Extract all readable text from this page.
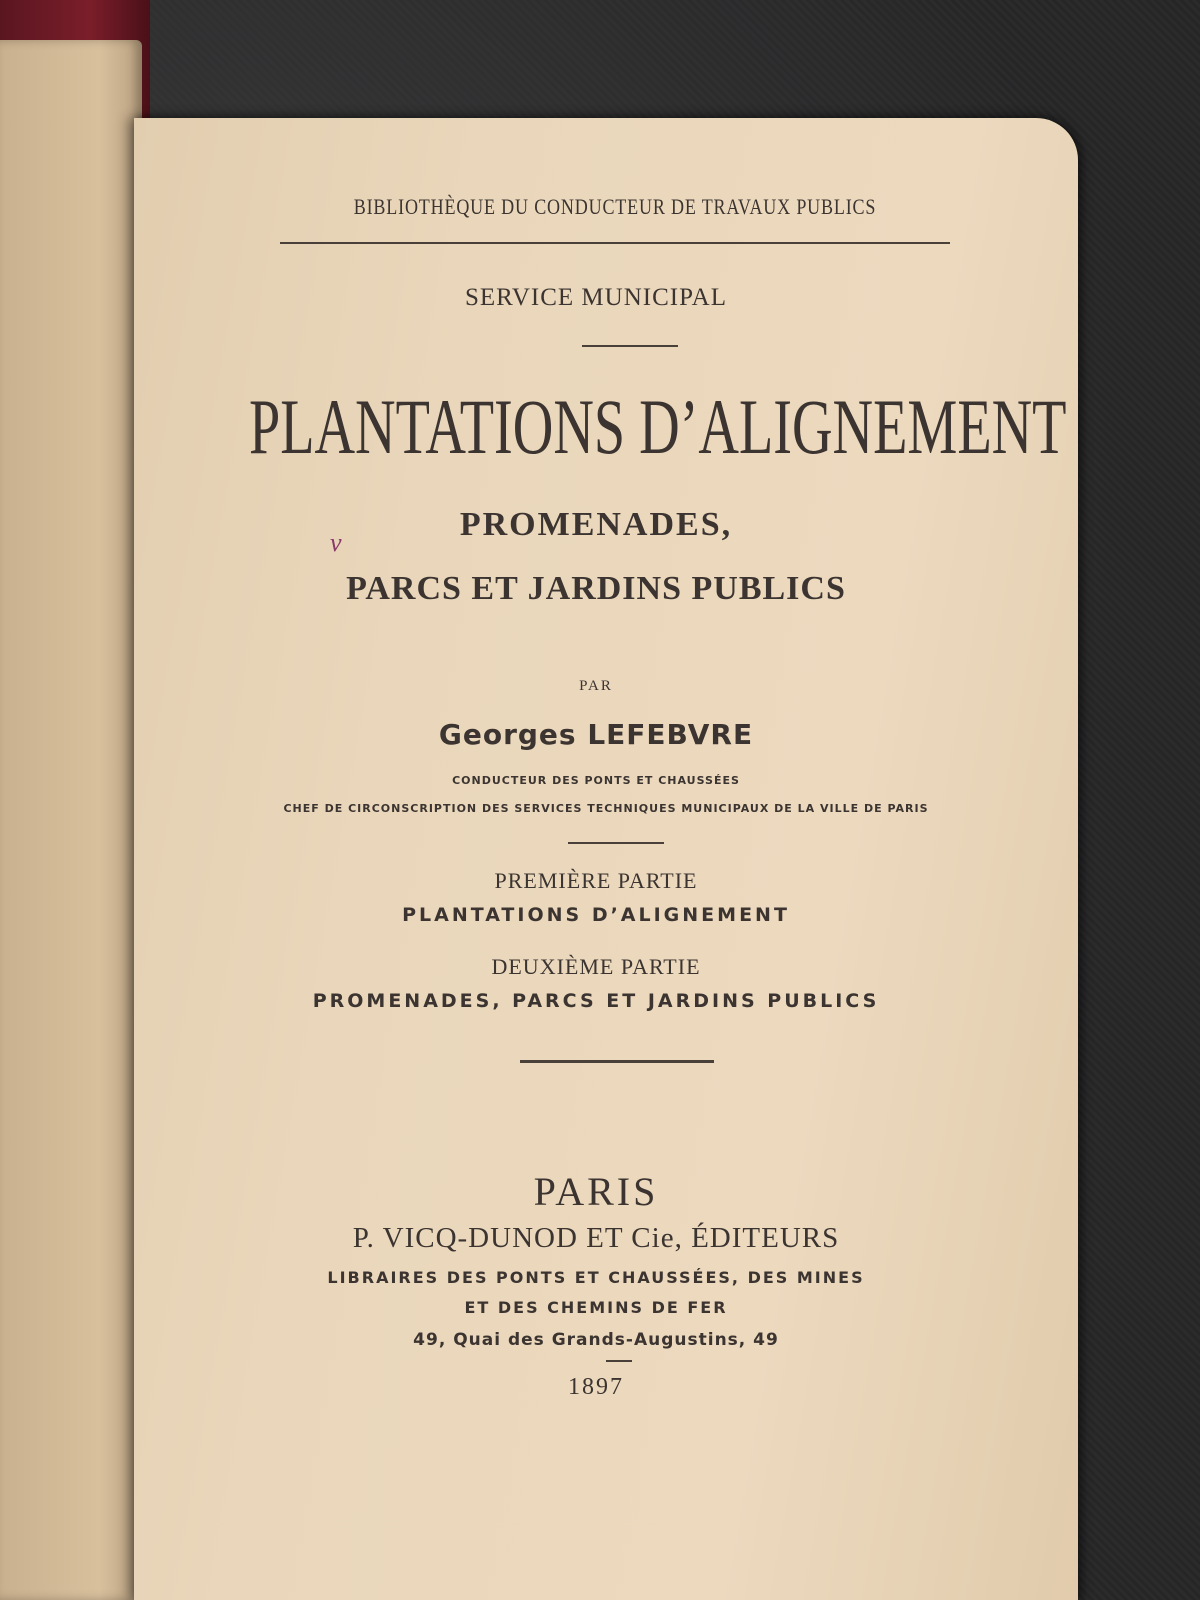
BIBLIOTHÈQUE DU CONDUCTEUR DE TRAVAUX PUBLICS
SERVICE MUNICIPAL
PLANTATIONS D’ALIGNEMENT
v	PROMENADES,
PARCS ET JARDINS PUBLICS
PAR
Georges LEFEBVRE
CONDUCTEUR DES PONTS ET CHAUSSÉES
CHEF DE CIRCONSCRIPTION DES SERVICES TECHNIQUES MUNICIPAUX DE LA VILLE DE PARIS
PREMIÈRE PARTIE
PLANTATIONS D’ALIGNEMENT
DEUXIÈME PARTIE
PROMENADES, PARCS ET JARDINS PUBLICS
PARIS
P. VICQ-DUNOD ET Cie, ÉDITEURS
LIBRAIRES DES PONTS ET CHAUSSÉES, DES MINES
ET DES CHEMINS DE FER
49, Quai des Grands-Augustins, 49
1897
